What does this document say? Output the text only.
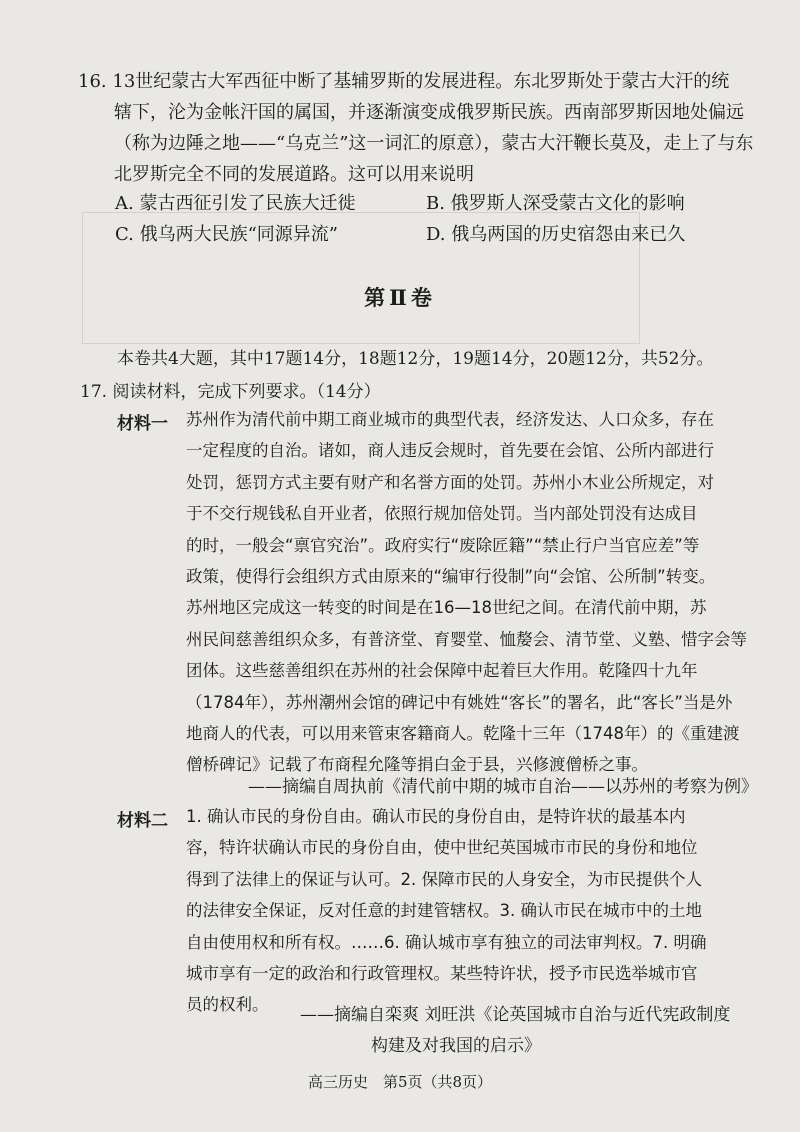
16. 13世纪蒙古大军西征中断了基辅罗斯的发展进程。东北罗斯处于蒙古大汗的统
辖下，沦为金帐汗国的属国，并逐渐演变成俄罗斯民族。西南部罗斯因地处偏远
（称为边陲之地——“乌克兰”这一词汇的原意），蒙古大汗鞭长莫及，走上了与东
北罗斯完全不同的发展道路。这可以用来说明
A. 蒙古西征引发了民族大迁徙	B. 俄罗斯人深受蒙古文化的影响
C. 俄乌两大民族“同源异流”	D. 俄乌两国的历史宿怨由来已久
第Ⅱ卷
本卷共4大题，其中17题14分，18题12分，19题14分，20题12分，共52分。
17. 阅读材料，完成下列要求。（14分）
材料一 苏州作为清代前中期工商业城市的典型代表，经济发达、人口众多，存在
一定程度的自治。诸如，商人违反会规时，首先要在会馆、公所内部进行
处罚，惩罚方式主要有财产和名誉方面的处罚。苏州小木业公所规定，对
于不交行规钱私自开业者，依照行规加倍处罚。当内部处罚没有达成目
的时，一般会“禀官究治”。政府实行“废除匠籍”“禁止行户当官应差”等
政策，使得行会组织方式由原来的“编审行役制”向“会馆、公所制”转变。
苏州地区完成这一转变的时间是在16—18世纪之间。在清代前中期，苏
州民间慈善组织众多，有普济堂、育婴堂、恤嫠会、清节堂、义塾、惜字会等
团体。这些慈善组织在苏州的社会保障中起着巨大作用。乾隆四十九年
（1784年），苏州潮州会馆的碑记中有姚姓“客长”的署名，此“客长”当是外
地商人的代表，可以用来管束客籍商人。乾隆十三年（1748年）的《重建渡
僧桥碑记》记载了布商程允隆等捐白金于县，兴修渡僧桥之事。
——摘编自周执前《清代前中期的城市自治——以苏州的考察为例》
材料二 1. 确认市民的身份自由。确认市民的身份自由，是特许状的最基本内
容，特许状确认市民的身份自由，使中世纪英国城市市民的身份和地位
得到了法律上的保证与认可。2. 保障市民的人身安全，为市民提供个人
的法律安全保证，反对任意的封建管辖权。3. 确认市民在城市中的土地
自由使用权和所有权。……6. 确认城市享有独立的司法审判权。7. 明确
城市享有一定的政治和行政管理权。某些特许状，授予市民选举城市官
员的权利。
——摘编自栾爽 刘旺洪《论英国城市自治与近代宪政制度
构建及对我国的启示》
高三历史　第5页（共8页）
